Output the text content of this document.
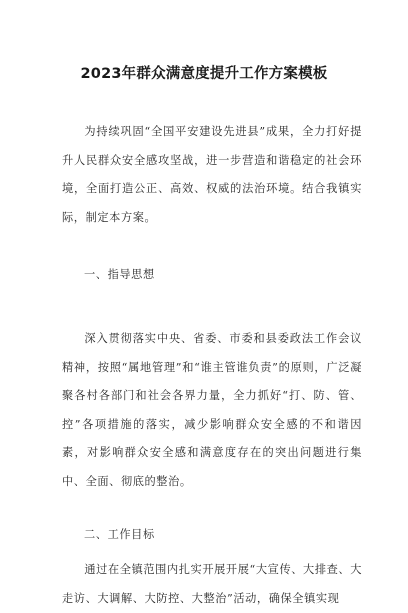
2023年群众满意度提升工作方案模板
为持续巩固“全国平安建设先进县”成果，全力打好提升人民群众安全感攻坚战，进一步营造和谐稳定的社会环境，全面打造公正、高效、权威的法治环境。结合我镇实际，制定本方案。
一、指导思想
深入贯彻落实中央、省委、市委和县委政法工作会议精神，按照“属地管理”和“谁主管谁负责”的原则，广泛凝聚各村各部门和社会各界力量，全力抓好“打、防、管、控”各项措施的落实，减少影响群众安全感的不和谐因素，对影响群众安全感和满意度存在的突出问题进行集中、全面、彻底的整治。
二、工作目标
通过在全镇范围内扎实开展开展“大宣传、大排查、大走访、大调解、大防控、大整治”活动，确保全镇实现
